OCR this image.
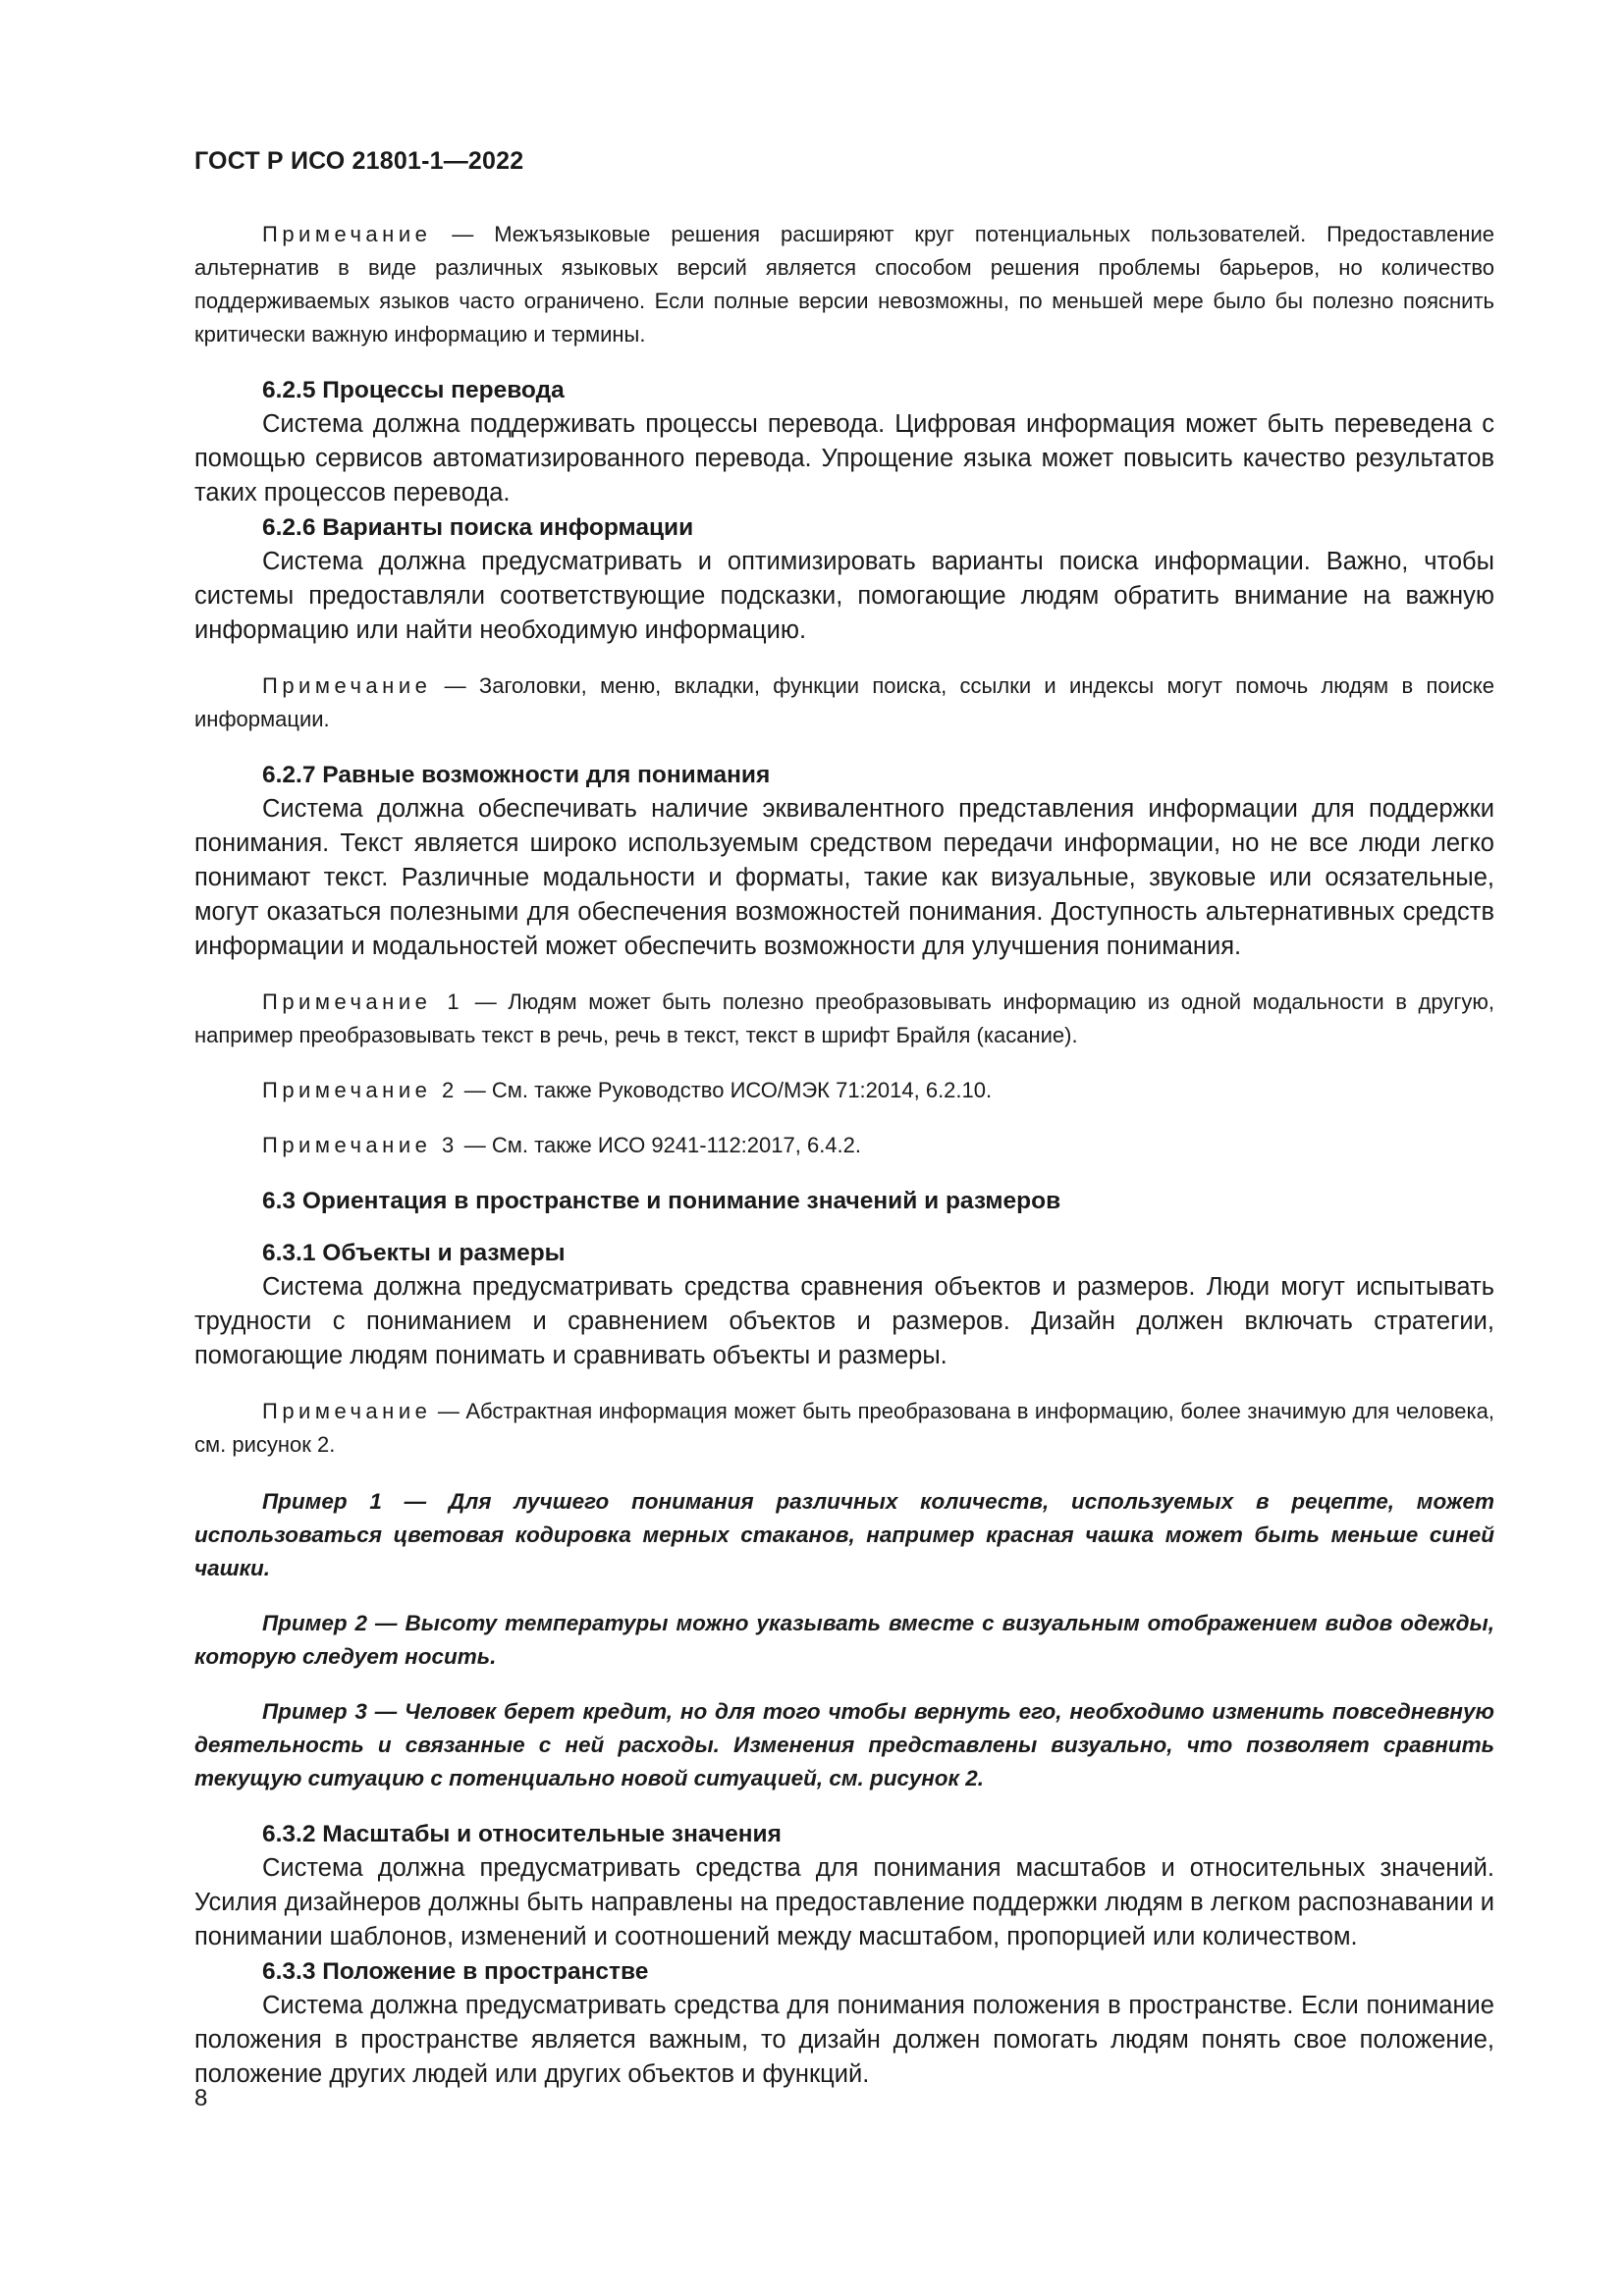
ГОСТ Р ИСО 21801-1—2022

Примечание — Межъязыковые решения расширяют круг потенциальных пользователей. Предоставление альтернатив в виде различных языковых версий является способом решения проблемы барьеров, но количество поддерживаемых языков часто ограничено. Если полные версии невозможны, по меньшей мере было бы полезно пояснить критически важную информацию и термины.

6.2.5 Процессы перевода

Система должна поддерживать процессы перевода. Цифровая информация может быть переведена с помощью сервисов автоматизированного перевода. Упрощение языка может повысить качество результатов таких процессов перевода.

6.2.6 Варианты поиска информации

Система должна предусматривать и оптимизировать варианты поиска информации. Важно, чтобы системы предоставляли соответствующие подсказки, помогающие людям обратить внимание на важную информацию или найти необходимую информацию.

Примечание — Заголовки, меню, вкладки, функции поиска, ссылки и индексы могут помочь людям в поиске информации.

6.2.7 Равные возможности для понимания

Система должна обеспечивать наличие эквивалентного представления информации для поддержки понимания. Текст является широко используемым средством передачи информации, но не все люди легко понимают текст. Различные модальности и форматы, такие как визуальные, звуковые или осязательные, могут оказаться полезными для обеспечения возможностей понимания. Доступность альтернативных средств информации и модальностей может обеспечить возможности для улучшения понимания.

Примечание 1 — Людям может быть полезно преобразовывать информацию из одной модальности в другую, например преобразовывать текст в речь, речь в текст, текст в шрифт Брайля (касание).

Примечание 2 — См. также Руководство ИСО/МЭК 71:2014, 6.2.10.

Примечание 3 — См. также ИСО 9241-112:2017, 6.4.2.

6.3 Ориентация в пространстве и понимание значений и размеров
6.3.1 Объекты и размеры

Система должна предусматривать средства сравнения объектов и размеров. Люди могут испытывать трудности с пониманием и сравнением объектов и размеров. Дизайн должен включать стратегии, помогающие людям понимать и сравнивать объекты и размеры.

Примечание — Абстрактная информация может быть преобразована в информацию, более значимую для человека, см. рисунок 2.

Пример 1 — Для лучшего понимания различных количеств, используемых в рецепте, может использоваться цветовая кодировка мерных стаканов, например красная чашка может быть меньше синей чашки.

Пример 2 — Высоту температуры можно указывать вместе с визуальным отображением видов одежды, которую следует носить.

Пример 3 — Человек берет кредит, но для того чтобы вернуть его, необходимо изменить повседневную деятельность и связанные с ней расходы. Изменения представлены визуально, что позволяет сравнить текущую ситуацию с потенциально новой ситуацией, см. рисунок 2.

6.3.2 Масштабы и относительные значения

Система должна предусматривать средства для понимания масштабов и относительных значений. Усилия дизайнеров должны быть направлены на предоставление поддержки людям в легком распознавании и понимании шаблонов, изменений и соотношений между масштабом, пропорцией или количеством.

6.3.3 Положение в пространстве

Система должна предусматривать средства для понимания положения в пространстве. Если понимание положения в пространстве является важным, то дизайн должен помогать людям понять свое положение, положение других людей или других объектов и функций.

8
